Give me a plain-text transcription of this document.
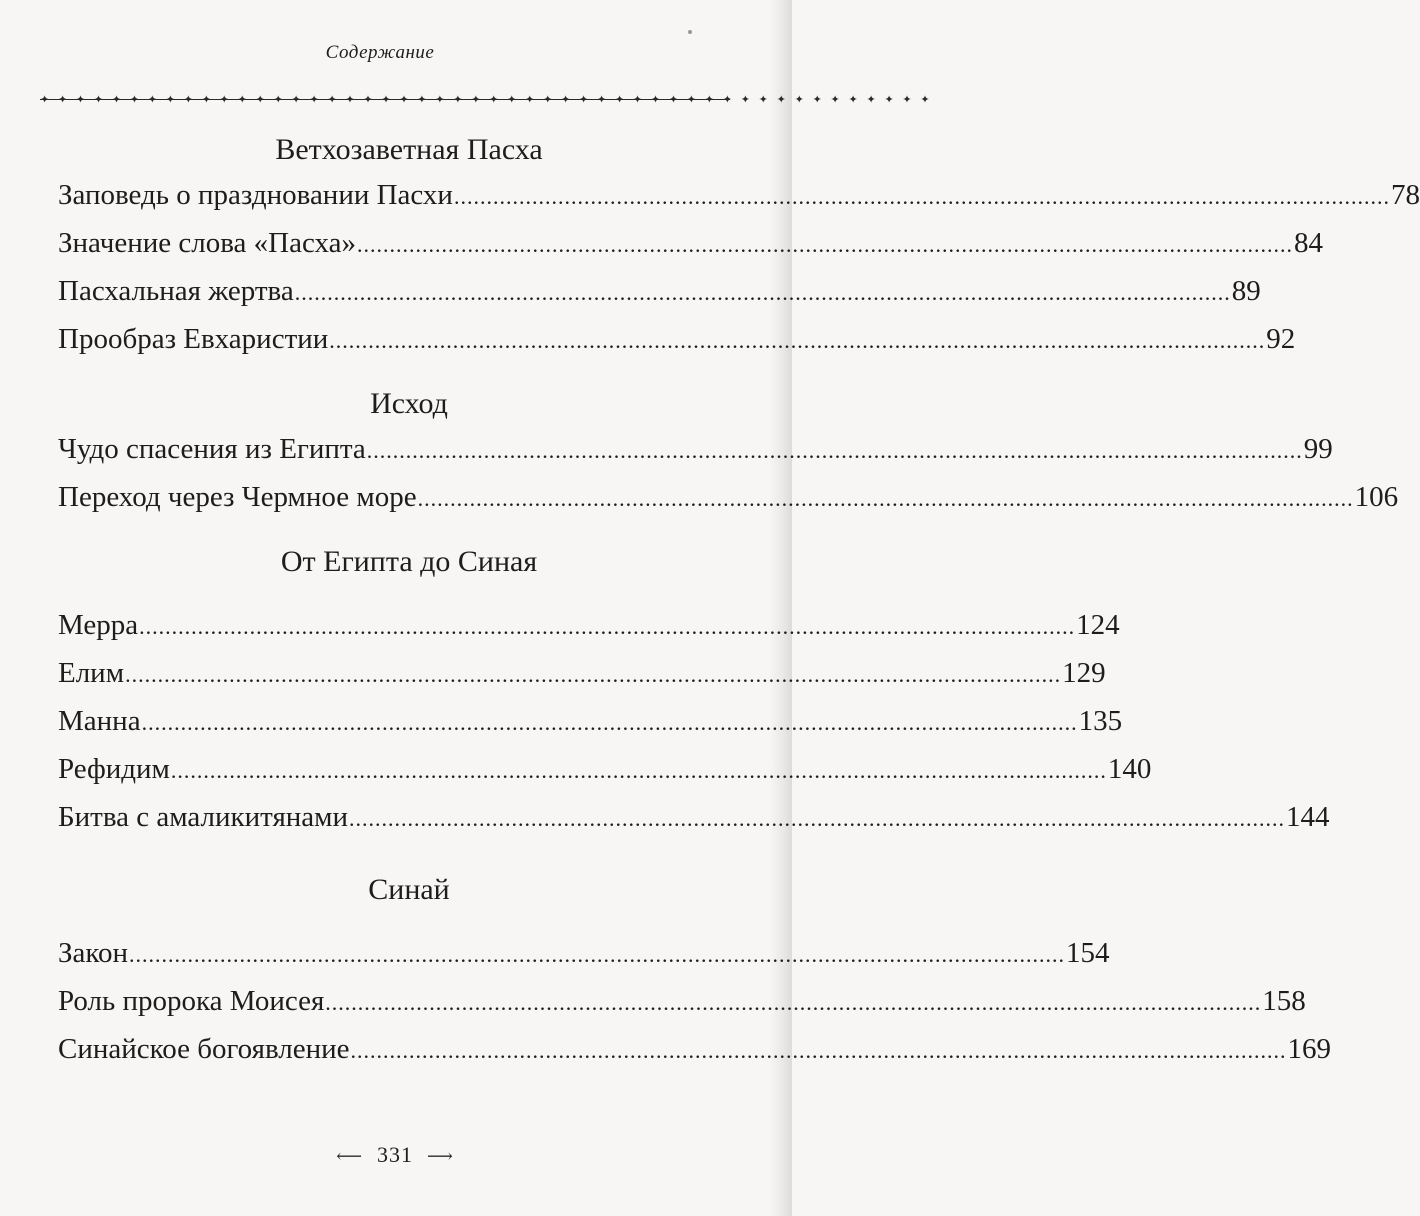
Содержание
✦ ✦ ✦ ✦ ✦ ✦ ✦ ✦ ✦ ✦ ✦ ✦ ✦ ✦ ✦ ✦ ✦ ✦ ✦ ✦ ✦ ✦ ✦ ✦ ✦ ✦ ✦ ✦ ✦ ✦ ✦ ✦ ✦ ✦ ✦ ✦ ✦ ✦ ✦ ✦ ✦ ✦ ✦ ✦ ✦ ✦ ✦ ✦ ✦ ✦
Ветхозаветная Пасха
Заповедь о праздновании Пасхи .....	78
Значение слова «Пасха» .....	84
Пасхальная жертва .....	89
Прообраз Евхаристии .....	92
Исход
Чудо спасения из Египта .....	99
Переход через Чермное море .....	106
От Египта до Синая
Мерра .....	124
Елим .....	129
Манна .....	135
Рефидим .....	140
Битва с амаликитянами .....	144
Синай
Закон .....	154
Роль пророка Моисея .....	158
Синайское богоявление .....	169
⟵ 331 ⟶
